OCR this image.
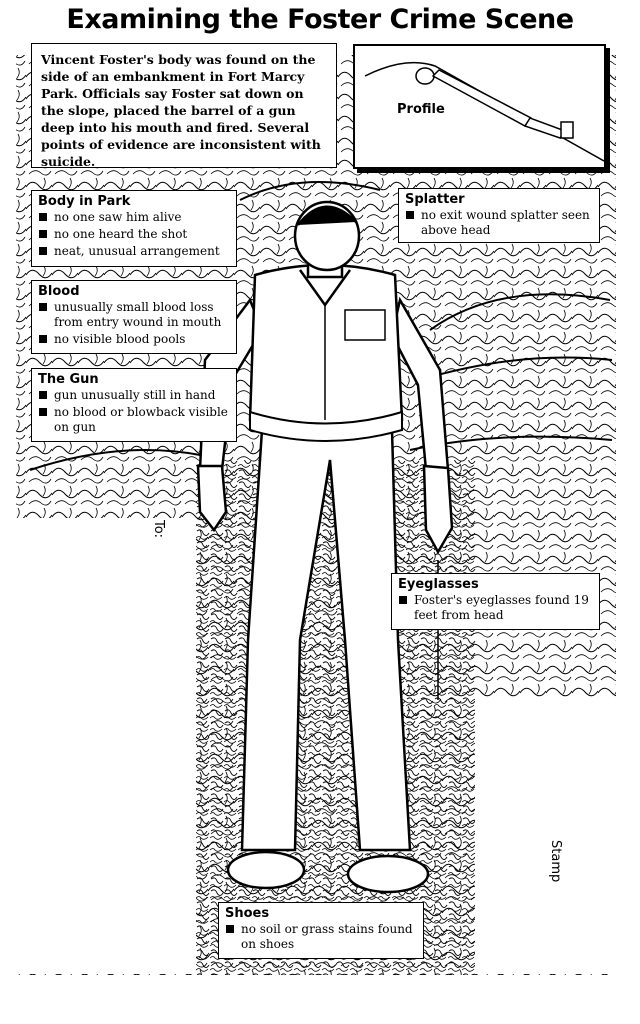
Examining the Foster Crime Scene
To:
Stamp
Vincent Foster's body was found on the side of an embankment in Fort Marcy Park. Officials say Foster sat down on the slope, placed the barrel of a gun deep into his mouth and fired. Several points of evidence are inconsistent with suicide.
Profile
Body in Park
no one saw him alive
no one heard the shot
neat, unusual arrangement
Blood
unusually small blood loss from entry wound in mouth
no visible blood pools
The Gun
gun unusually still in hand
no blood or blowback visible on gun
Splatter
no exit wound splatter seen above head
Eyeglasses
Foster's eyeglasses found 19 feet from head
Shoes
no soil or grass stains found on shoes
